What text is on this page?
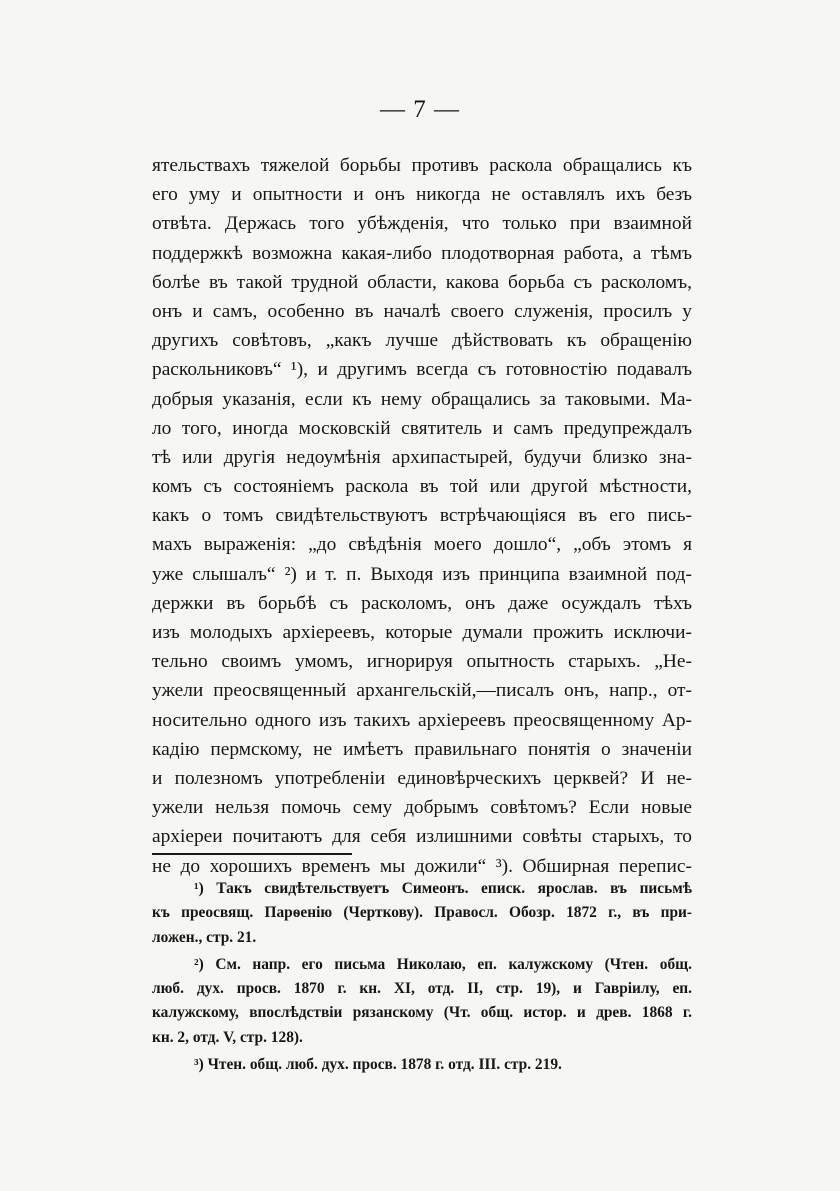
— 7 —
ятельствахъ тяжелой борьбы противъ раскола обращались къ
его уму и опытности и онъ никогда не оставлялъ ихъ безъ
отвѣта. Держась того убѣжденія, что только при взаимной
поддержкѣ возможна какая-либо плодотворная работа, а тѣмъ
болѣе въ такой трудной области, какова борьба съ расколомъ,
онъ и самъ, особенно въ началѣ своего служенія, просилъ у
другихъ совѣтовъ, „какъ лучше дѣйствовать къ обращенію
раскольниковъ“ ¹), и другимъ всегда съ готовностію подавалъ
добрыя указанія, если къ нему обращались за таковыми. Ма-
ло того, иногда московскій святитель и самъ предупреждалъ
тѣ или другія недоумѣнія архипастырей, будучи близко зна-
комъ съ состояніемъ раскола въ той или другой мѣстности,
какъ о томъ свидѣтельствуютъ встрѣчающіяся въ его пись-
махъ выраженія: „до свѣдѣнія моего дошло“, „объ этомъ я
уже слышалъ“ ²) и т. п. Выходя изъ принципа взаимной под-
держки въ борьбѣ съ расколомъ, онъ даже осуждалъ тѣхъ
изъ молодыхъ архіереевъ, которые думали прожить исключи-
тельно своимъ умомъ, игнорируя опытность старыхъ. „Не-
ужели преосвященный архангельскій,—писалъ онъ, напр., от-
носительно одного изъ такихъ архіереевъ преосвященному Ар-
кадію пермскому, не имѣетъ правильнаго понятія о значеніи
и полезномъ употребленіи единовѣрческихъ церквей? И не-
ужели нельзя помочь сему добрымъ совѣтомъ? Если новые
архіереи почитаютъ для себя излишними совѣты старыхъ, то
не до хорошихъ временъ мы дожили“ ³). Обширная перепис-
¹) Такъ свидѣтельствуетъ Симеонъ. еписк. ярослав. въ письмѣ
къ преосвящ. Парѳенію (Черткову). Правосл. Обозр. 1872 г., въ при-
ложен., стр. 21.
²) См. напр. его письма Николаю, еп. калужскому (Чтен. общ.
люб. дух. просв. 1870 г. кн. XI, отд. II, стр. 19), и Гавріилу, еп.
калужскому, впослѣдствіи рязанскому (Чт. общ. истор. и древ. 1868 г.
кн. 2, отд. V, стр. 128).
³) Чтен. общ. люб. дух. просв. 1878 г. отд. III. стр. 219.
